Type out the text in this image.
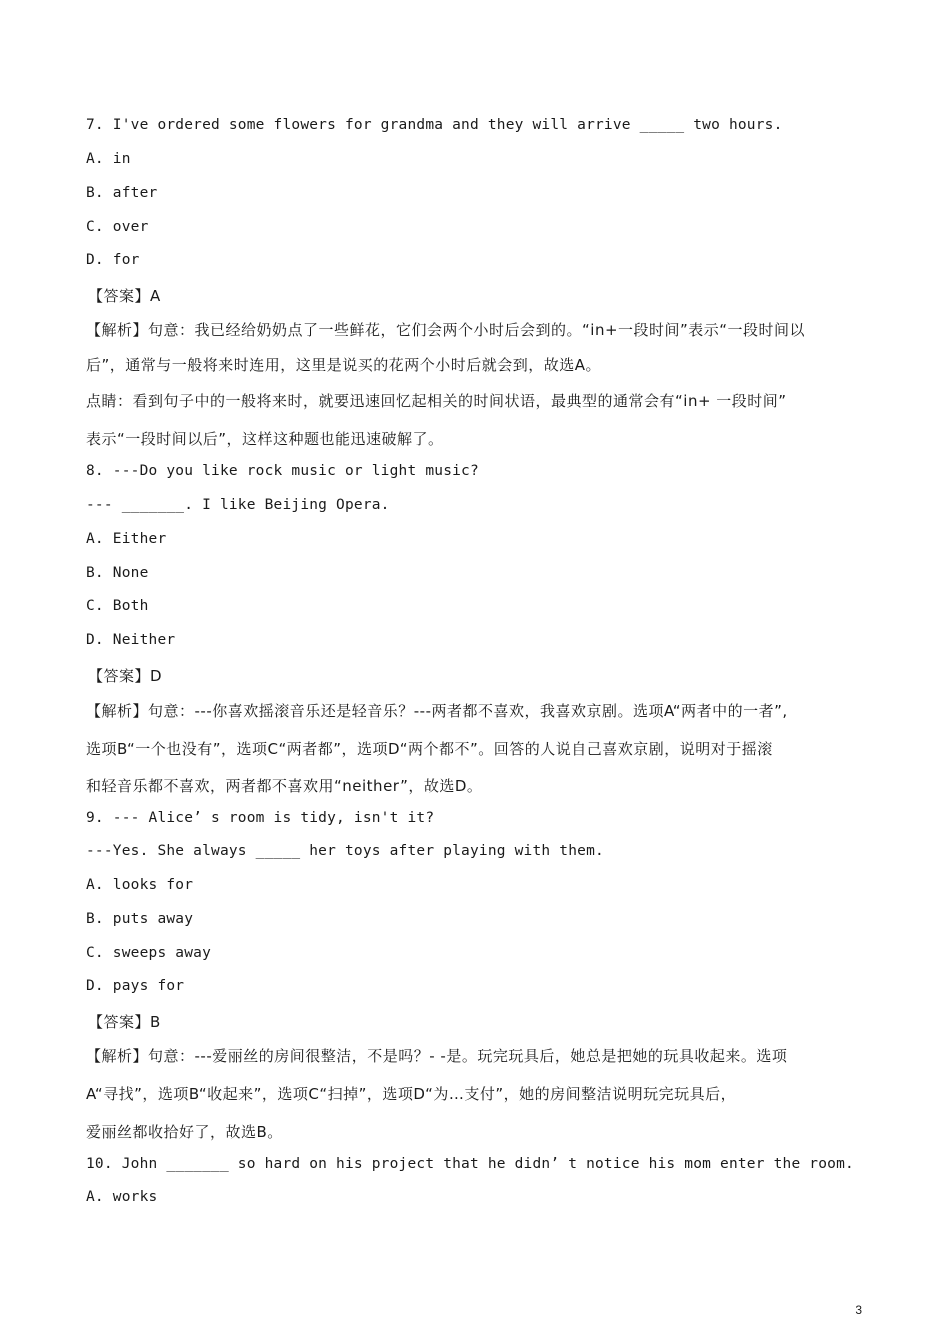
7. I've ordered some flowers for grandma and they will arrive _____ two hours.
A. in
B. after
C. over
D. for
【答案】A
【解析】句意：我已经给奶奶点了一些鲜花，它们会两个小时后会到的。“in+一段时间”表示“一段时间以
后”，通常与一般将来时连用，这里是说买的花两个小时后就会到，故选A。
点睛：看到句子中的一般将来时，就要迅速回忆起相关的时间状语，最典型的通常会有“in+ 一段时间”
表示“一段时间以后”，这样这种题也能迅速破解了。
8. ---Do you like rock music or light music?
--- _______. I like Beijing Opera.
A. Either
B. None
C. Both
D. Neither
【答案】D
【解析】句意：---你喜欢摇滚音乐还是轻音乐？---两者都不喜欢，我喜欢京剧。选项A“两者中的一者”,
选项B“一个也没有”，选项C“两者都”，选项D“两个都不”。回答的人说自己喜欢京剧，说明对于摇滚
和轻音乐都不喜欢，两者都不喜欢用“neither”，故选D。
9. --- Alice’ s room is tidy, isn't it?
---Yes. She always _____ her toys after playing with them.
A. looks for
B. puts away
C. sweeps away
D. pays for
【答案】B
【解析】句意：---爱丽丝的房间很整洁，不是吗？- -是。玩完玩具后，她总是把她的玩具收起来。选项
A“寻找”，选项B“收起来”，选项C“扫掉”，选项D“为…支付”，她的房间整洁说明玩完玩具后，
爱丽丝都收拾好了，故选B。
10. John _______ so hard on his project that he didn’ t notice his mom enter the room.
A. works
3
